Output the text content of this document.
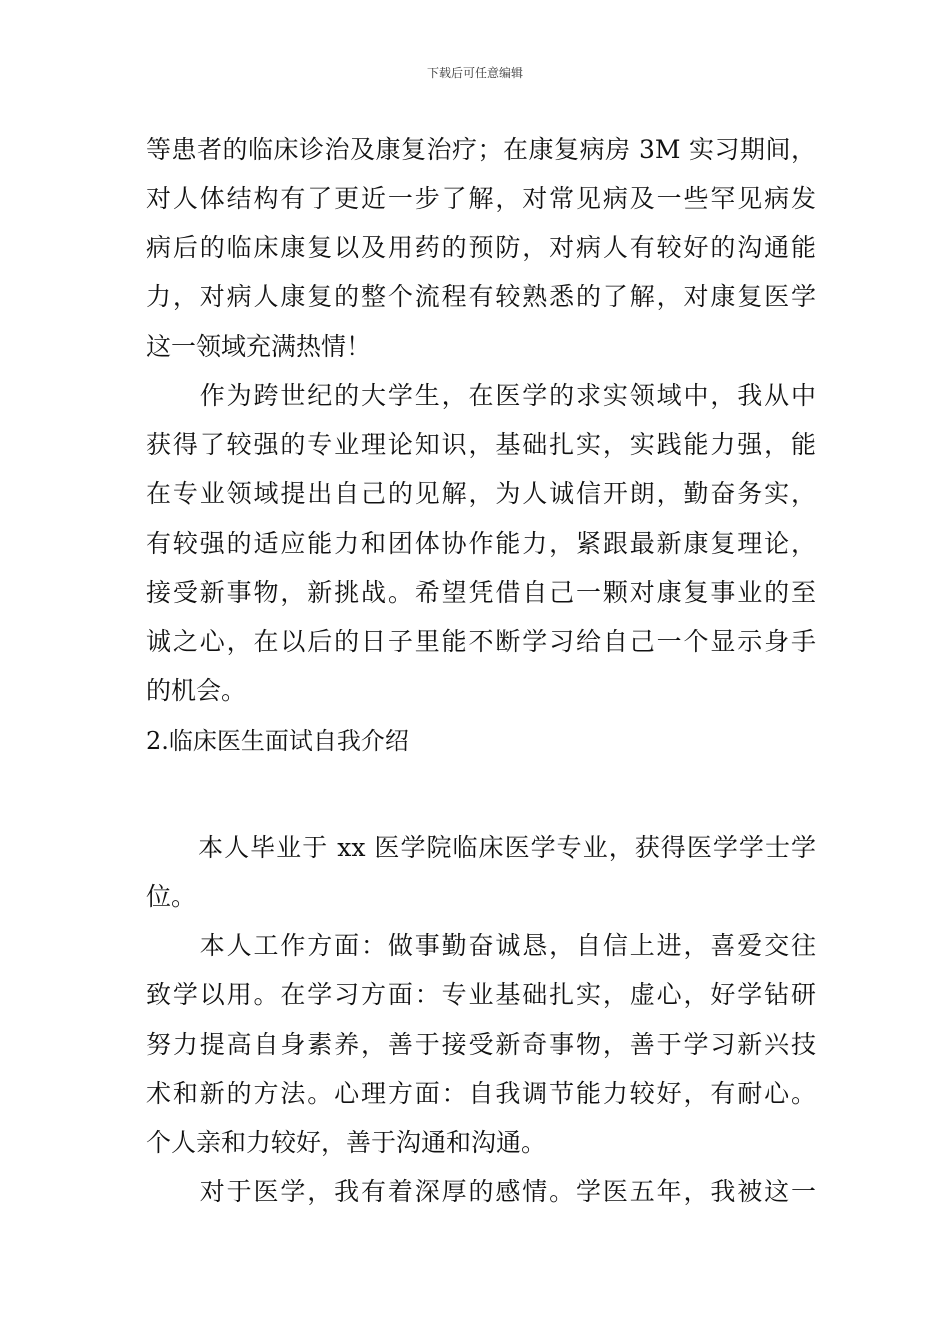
下载后可任意编辑
等患者的临床诊治及康复治疗；在康复病房 3M 实习期间，
对人体结构有了更近一步了解，对常见病及一些罕见病发
病后的临床康复以及用药的预防，对病人有较好的沟通能
力，对病人康复的整个流程有较熟悉的了解，对康复医学
这一领域充满热情！
　　作为跨世纪的大学生，在医学的求实领域中，我从中
获得了较强的专业理论知识，基础扎实，实践能力强，能
在专业领域提出自己的见解，为人诚信开朗，勤奋务实，
有较强的适应能力和团体协作能力，紧跟最新康复理论，
接受新事物，新挑战。希望凭借自己一颗对康复事业的至
诚之心，在以后的日子里能不断学习给自己一个显示身手
的机会。
2.临床医生面试自我介绍
　　本人毕业于 xx 医学院临床医学专业，获得医学学士学
位。
　　本人工作方面：做事勤奋诚恳，自信上进，喜爱交往
致学以用。在学习方面：专业基础扎实，虚心，好学钻研
努力提高自身素养，善于接受新奇事物，善于学习新兴技
术和新的方法。心理方面：自我调节能力较好，有耐心。
个人亲和力较好，善于沟通和沟通。
　　对于医学，我有着深厚的感情。学医五年，我被这一
